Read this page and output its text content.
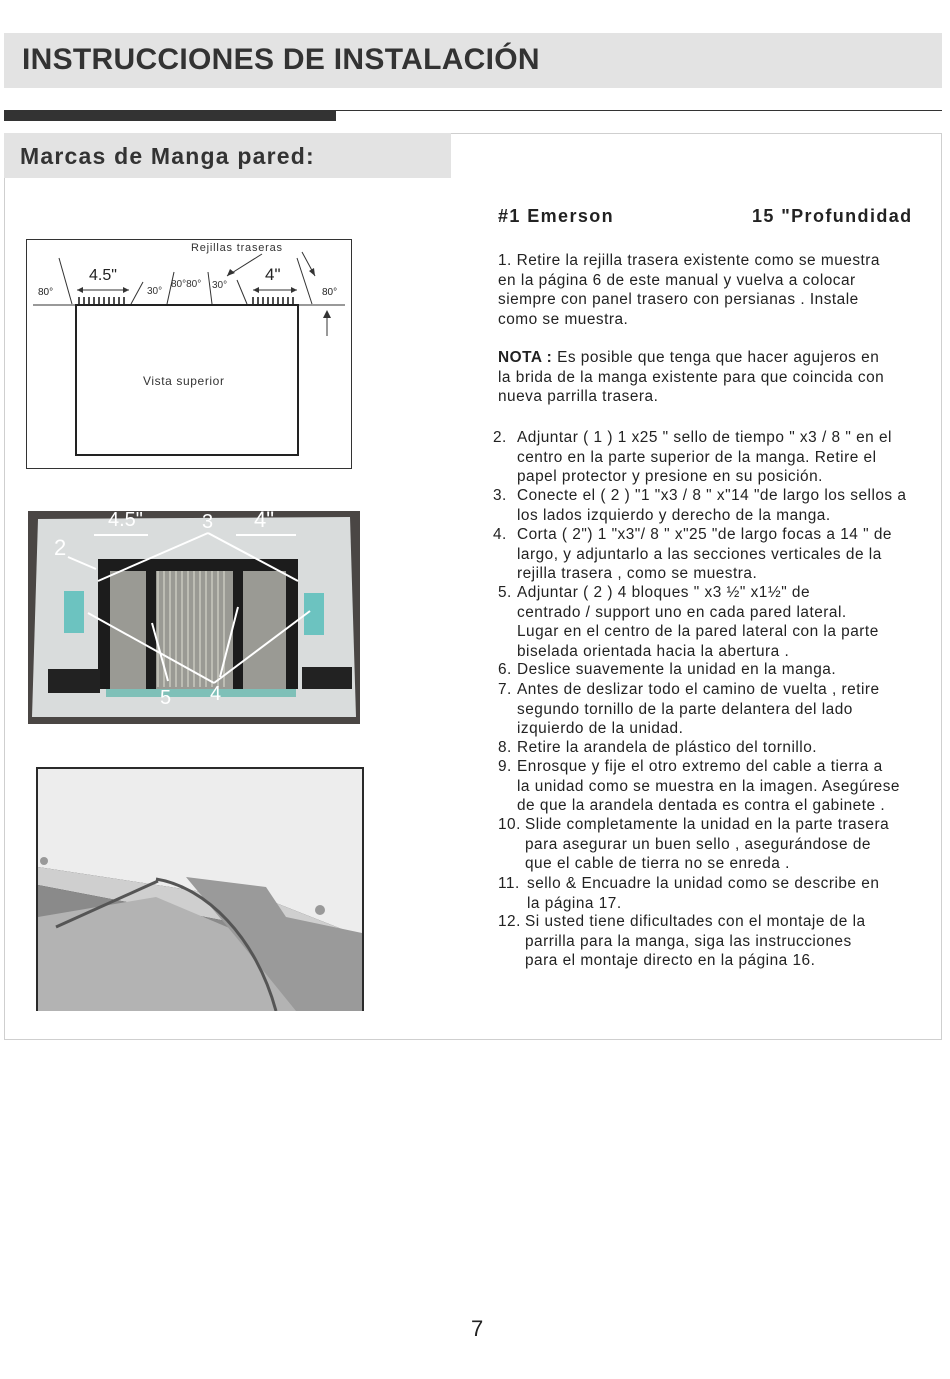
INSTRUCCIONES DE INSTALACIÓN
Marcas de Manga pared:
Rejillas traseras
4.5"	4"
80°	80°
30°
80°80° 30°
Vista superior
4.5"	3 4"
2
5 4
#1 Emerson	15 "Profundidad
1. Retire la rejilla trasera existente como se muestra
en la página 6 de este manual y vuelva a colocar
siempre con panel trasero con persianas . Instale
como se muestra.
NOTA : Es posible que tenga que hacer agujeros en
la brida de la manga existente para que coincida con
nueva parrilla trasera.
2. Adjuntar ( 1 ) 1 x25 " sello de tiempo " x3 / 8 " en el
centro en la parte superior de la manga. Retire el
papel protector y presione en su posición.
3. Conecte el ( 2 ) "1 "x3 / 8 " x"14 "de largo los sellos a
los lados izquierdo y derecho de la manga.
4. Corta ( 2") 1 "x3"/ 8 " x"25 "de largo focas a 14 " de
largo, y adjuntarlo a las secciones verticales de la
rejilla trasera , como se muestra.
5. Adjuntar ( 2 ) 4 bloques " x3 ½" x1½" de
centrado / support uno en cada pared lateral.
Lugar en el centro de la pared lateral con la parte
biselada orientada hacia la abertura .
6. Deslice suavemente la unidad en la manga.
7. Antes de deslizar todo el camino de vuelta , retire
segundo tornillo de la parte delantera del lado
izquierdo de la unidad.
8. Retire la arandela de plástico del tornillo.
9. Enrosque y fije el otro extremo del cable a tierra a
la unidad como se muestra en la imagen. Asegúrese
de que la arandela dentada es contra el gabinete .
10. Slide completamente la unidad en la parte trasera
para asegurar un buen sello , asegurándose de
que el cable de tierra no se enreda .
11. sello & Encuadre la unidad como se describe en
la página 17.
12. Si usted tiene dificultades con el montaje de la
parrilla para la manga, siga las instrucciones
para el montaje directo en la página 16.
7
